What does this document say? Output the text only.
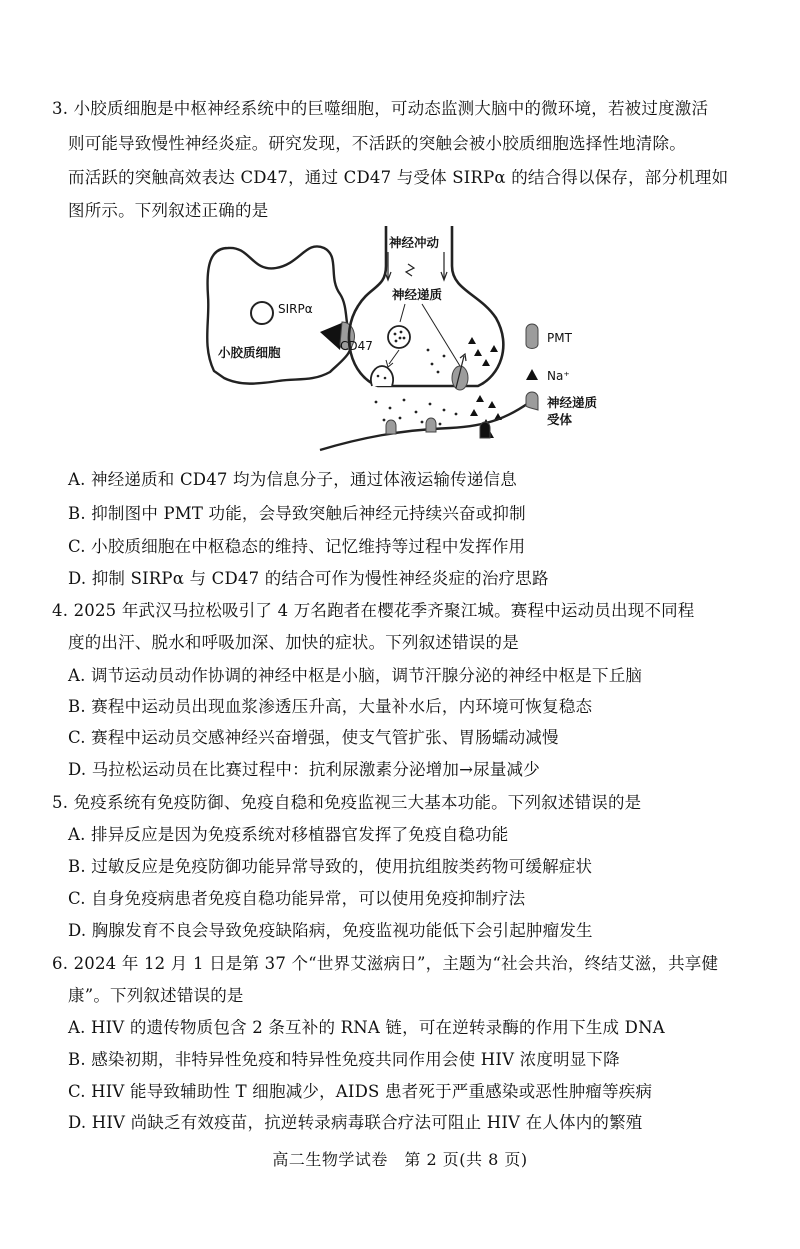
3. 小胶质细胞是中枢神经系统中的巨噬细胞，可动态监测大脑中的微环境，若被过度激活
则可能导致慢性神经炎症。研究发现，不活跃的突触会被小胶质细胞选择性地清除。
而活跃的突触高效表达 CD47，通过 CD47 与受体 SIRPα 的结合得以保存，部分机理如
图所示。下列叙述正确的是
SIRPα
CD47
小胶质细胞
神经冲动
神经递质
PMT
Na⁺
神经递质
受体
A. 神经递质和 CD47 均为信息分子，通过体液运输传递信息
B. 抑制图中 PMT 功能，会导致突触后神经元持续兴奋或抑制
C. 小胶质细胞在中枢稳态的维持、记忆维持等过程中发挥作用
D. 抑制 SIRPα 与 CD47 的结合可作为慢性神经炎症的治疗思路
4. 2025 年武汉马拉松吸引了 4 万名跑者在樱花季齐聚江城。赛程中运动员出现不同程
度的出汗、脱水和呼吸加深、加快的症状。下列叙述错误的是
A. 调节运动员动作协调的神经中枢是小脑，调节汗腺分泌的神经中枢是下丘脑
B. 赛程中运动员出现血浆渗透压升高，大量补水后，内环境可恢复稳态
C. 赛程中运动员交感神经兴奋增强，使支气管扩张、胃肠蠕动减慢
D. 马拉松运动员在比赛过程中：抗利尿激素分泌增加→尿量减少
5. 免疫系统有免疫防御、免疫自稳和免疫监视三大基本功能。下列叙述错误的是
A. 排异反应是因为免疫系统对移植器官发挥了免疫自稳功能
B. 过敏反应是免疫防御功能异常导致的，使用抗组胺类药物可缓解症状
C. 自身免疫病患者免疫自稳功能异常，可以使用免疫抑制疗法
D. 胸腺发育不良会导致免疫缺陷病，免疫监视功能低下会引起肿瘤发生
6. 2024 年 12 月 1 日是第 37 个“世界艾滋病日”，主题为“社会共治，终结艾滋，共享健
康”。下列叙述错误的是
A. HIV 的遗传物质包含 2 条互补的 RNA 链，可在逆转录酶的作用下生成 DNA
B. 感染初期，非特异性免疫和特异性免疫共同作用会使 HIV 浓度明显下降
C. HIV 能导致辅助性 T 细胞减少，AIDS 患者死于严重感染或恶性肿瘤等疾病
D. HIV 尚缺乏有效疫苗，抗逆转录病毒联合疗法可阻止 HIV 在人体内的繁殖
高二生物学试卷　第 2 页(共 8 页)
